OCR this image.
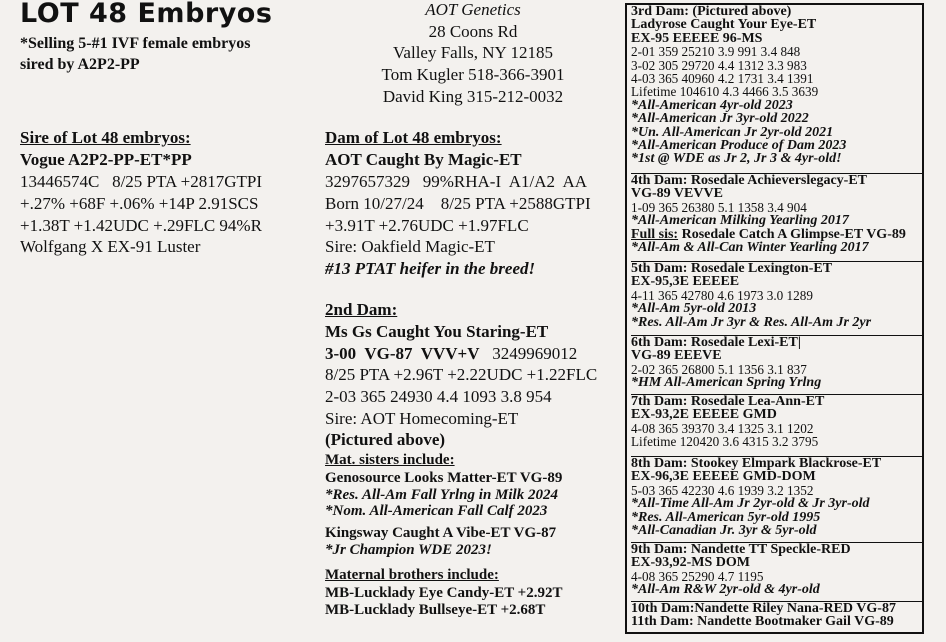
LOT 48 Embryos
*Selling 5-#1 IVF female embryos
sired by A2P2-PP
AOT Genetics
28 Coons Rd
Valley Falls, NY 12185
Tom Kugler 518-366-3901
David King 315-212-0032
Sire of Lot 48 embryos:
Vogue A2P2-PP-ET*PP
13446574C   8/25 PTA +2817GTPI
+.27% +68F +.06% +14P 2.91SCS
+1.38T +1.42UDC +.29FLC 94%R
Wolfgang X EX-91 Luster
Dam of Lot 48 embryos:
AOT Caught By Magic-ET
3297657329   99%RHA-I  A1/A2  AA
Born 10/27/24    8/25 PTA +2588GTPI
+3.91T +2.76UDC +1.97FLC
Sire: Oakfield Magic-ET
#13 PTAT heifer in the breed!
2nd Dam:
Ms Gs Caught You Staring-ET
3-00  VG-87  VVV+V 3249969012
8/25 PTA +2.96T +2.22UDC +1.22FLC
2-03 365 24930 4.4 1093 3.8 954
Sire: AOT Homecoming-ET
(Pictured above)
Mat. sisters include:
Genosource Looks Matter-ET VG-89
*Res. All-Am Fall Yrlng in Milk 2024
*Nom. All-American Fall Calf 2023
Kingsway Caught A Vibe-ET VG-87
*Jr Champion WDE 2023!
Maternal brothers include:
MB-Lucklady Eye Candy-ET +2.92T
MB-Lucklady Bullseye-ET +2.68T
3rd Dam: (Pictured above)
Ladyrose Caught Your Eye-ET
EX-95 EEEEE 96-MS
2-01 359 25210 3.9 991 3.4 848
3-02 305 29720 4.4 1312 3.3 983
4-03 365 40960 4.2 1731 3.4 1391
Lifetime 104610 4.3 4466 3.5 3639
*All-American 4yr-old 2023
*All-American Jr 3yr-old 2022
*Un. All-American Jr 2yr-old 2021
*All-American Produce of Dam 2023
*1st @ WDE as Jr 2, Jr 3 & 4yr-old!
4th Dam: Rosedale Achieverslegacy-ET
VG-89 VEVVE
1-09 365 26380 5.1 1358 3.4 904
*All-American Milking Yearling 2017
Full sis: Rosedale Catch A Glimpse-ET VG-89
*All-Am & All-Can Winter Yearling 2017
5th Dam: Rosedale Lexington-ET
EX-95,3E EEEEE
4-11 365 42780 4.6 1973 3.0 1289
*All-Am 5yr-old 2013
*Res. All-Am Jr 3yr & Res. All-Am Jr 2yr
6th Dam: Rosedale Lexi-ET|
VG-89 EEEVE
2-02 365 26800 5.1 1356 3.1 837
*HM All-American Spring Yrlng
7th Dam: Rosedale Lea-Ann-ET
EX-93,2E EEEEE GMD
4-08 365 39370 3.4 1325 3.1 1202
Lifetime 120420 3.6 4315 3.2 3795
8th Dam: Stookey Elmpark Blackrose-ET
EX-96,3E EEEEE GMD-DOM
5-03 365 42230 4.6 1939 3.2 1352
*All-Time All-Am Jr 2yr-old & Jr 3yr-old
*Res. All-American 5yr-old 1995
*All-Canadian Jr. 3yr & 5yr-old
9th Dam: Nandette TT Speckle-RED
EX-93,92-MS DOM
4-08 365 25290 4.7 1195
*All-Am R&W 2yr-old & 4yr-old
10th Dam:Nandette Riley Nana-RED VG-87
11th Dam: Nandette Bootmaker Gail VG-89
